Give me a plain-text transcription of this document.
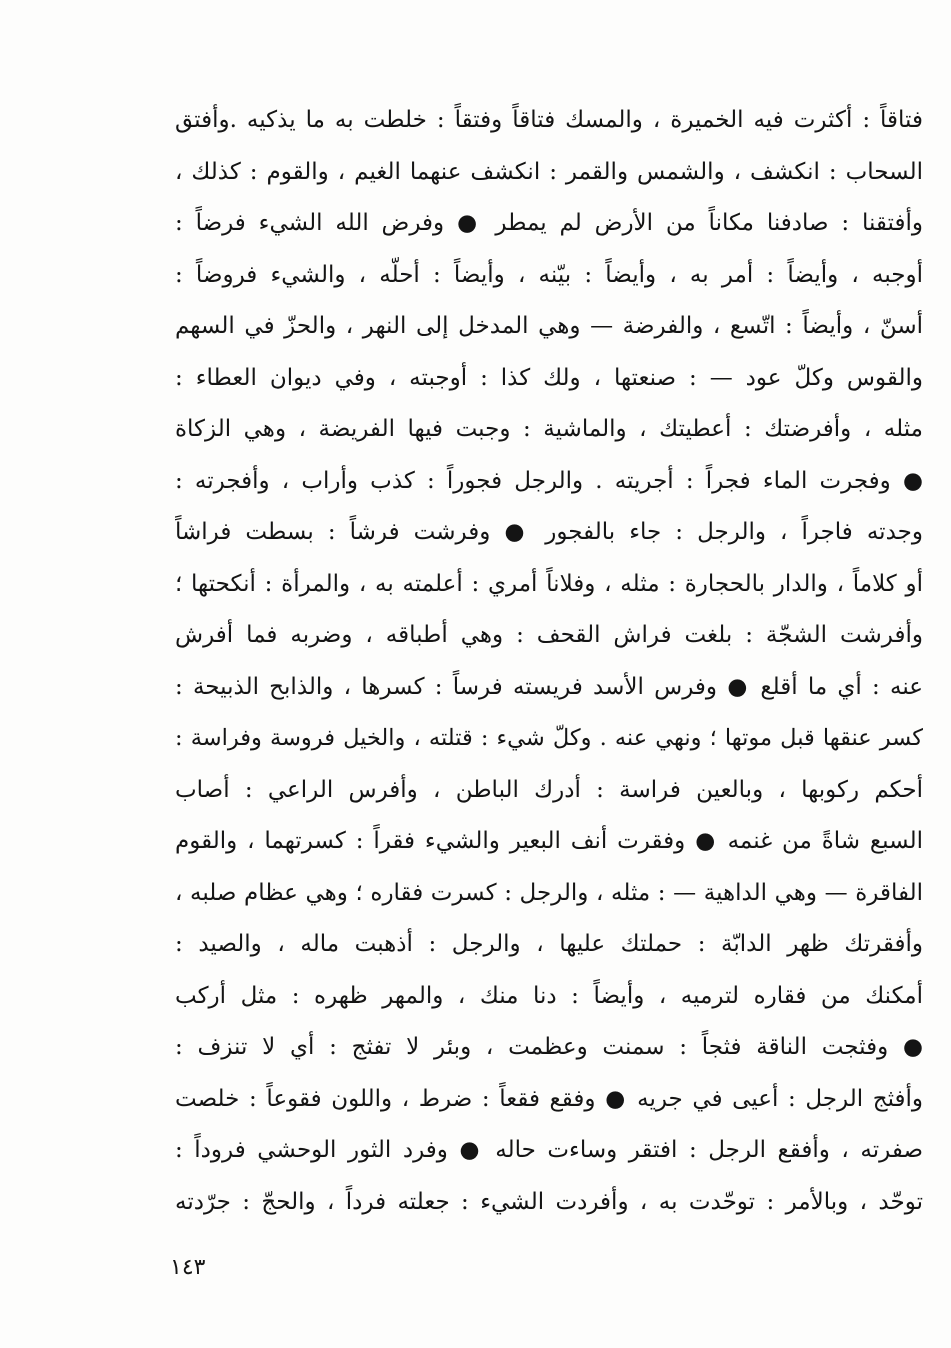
فتاقاً : أكثرت فيه الخميرة ، والمسك فتاقاً وفتقاً : خلطت به ما يذكيه .وأفتق
السحاب : انكشف ، والشمس والقمر : انكشف عنهما الغيم ، والقوم : كذلك ،
وأفتقنا : صادفنا مكاناً من الأرض لم يمطر ● وفرض الله الشيء فرضاً :
أوجبه ، وأيضاً : أمر به ، وأيضاً : بيّنه ، وأيضاً : أحلّه ، والشيء فروضاً :
أسنّ ، وأيضاً : اتّسع ، والفرضة — وهي المدخل إلى النهر ، والحزّ في السهم
والقوس وكلّ عود — : صنعتها ، ولك كذا : أوجبته ، وفي ديوان العطاء :
مثله ، وأفرضتك : أعطيتك ، والماشية : وجبت فيها الفريضة ، وهي الزكاة
● وفجرت الماء فجراً : أجريته . والرجل فجوراً : كذب وأراب ، وأفجرته :
وجدته فاجراً ، والرجل : جاء بالفجور ● وفرشت فرشاً : بسطت فراشاً
أو كلاماً ، والدار بالحجارة : مثله ، وفلاناً أمري : أعلمته به ، والمرأة : أنكحتها ؛
وأفرشت الشجّة : بلغت فراش القحف : وهي أطباقه ، وضربه فما أفرش
عنه : أي ما أقلع ● وفرس الأسد فريسته فرساً : كسرها ، والذابح الذبيحة :
كسر عنقها قبل موتها ؛ ونهي عنه . وكلّ شيء : قتلته ، والخيل فروسة وفراسة :
أحكم ركوبها ، وبالعين فراسة : أدرك الباطن ، وأفرس الراعي : أصاب
السبع شاةً من غنمه ● وفقرت أنف البعير والشيء فقراً : كسرتهما ، والقوم
الفاقرة — وهي الداهية — : مثله ، والرجل : كسرت فقاره ؛ وهي عظام صلبه ،
وأفقرتك ظهر الدابّة : حملتك عليها ، والرجل : أذهبت ماله ، والصيد :
أمكنك من فقاره لترميه ، وأيضاً : دنا منك ، والمهر ظهره : مثل أركب
● وفثجت الناقة فثجاً : سمنت وعظمت ، وبئر لا تفثج : أي لا تنزف :
وأفثج الرجل : أعيى في جريه ● وفقع فقعاً : ضرط ، واللون فقوعاً : خلصت
صفرته ، وأفقع الرجل : افتقر وساءت حاله ● وفرد الثور الوحشي فروداً :
توحّد ، وبالأمر : توحّدت به ، وأفردت الشيء : جعلته فرداً ، والحجّ : جرّدته
١٤٣
